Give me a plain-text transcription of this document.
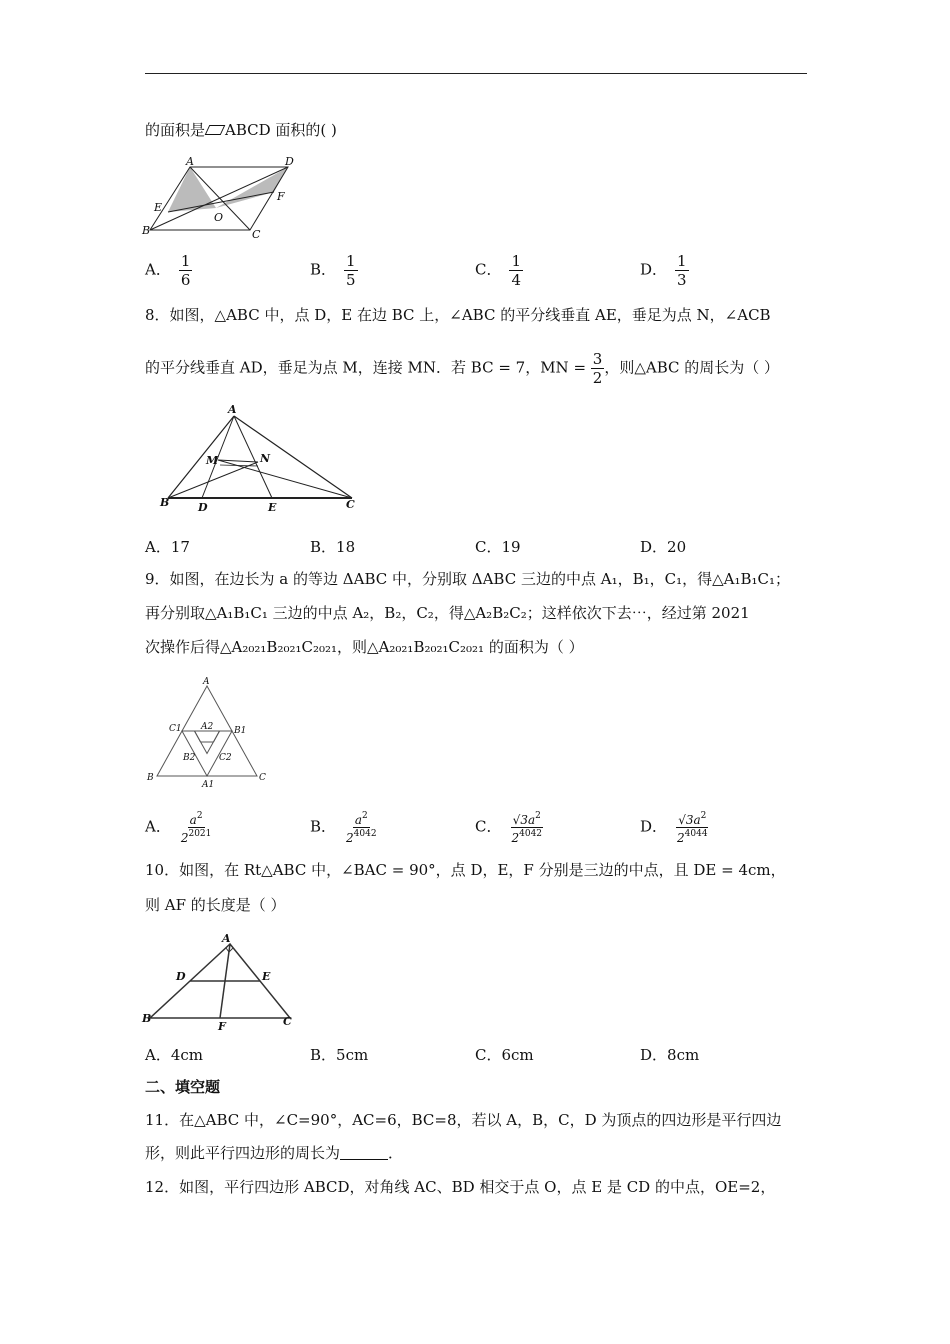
的面积是 ABCD 面积的( )
A	D
E
F
O
B	C
A． $\frac{1}{6}$	B． $\frac{1}{5}$	C． $\frac{1}{4}$	D． $\frac{1}{3}$
8．如图，△ABC 中，点 D，E 在边 BC 上，∠ABC 的平分线垂直 AE，垂足为点 N，∠ACB
的平分线垂直 AD，垂足为点 M，连接 MN．若 BC = 7，MN = $\frac{3}{2}$ ，则△ABC 的周长为（ ）
A
M	N
B	D	E	C
A．17	B．18	C．19	D．20
9．如图，在边长为 a 的等边 ΔABC 中，分别取 ΔABC 三边的中点 A₁，B₁，C₁，得△A₁B₁C₁；
再分别取△A₁B₁C₁ 三边的中点 A₂，B₂，C₂，得△A₂B₂C₂；这样依次下去⋯，经过第 2021
次操作后得△A₂₀₂₁B₂₀₂₁C₂₀₂₁，则△A₂₀₂₁B₂₀₂₁C₂₀₂₁ 的面积为（ ）
A
C1 A2 B1
B2	C2
B
A1
C
A． $\frac{a^2}{2^{2021}}$	B． $\frac{a^2}{2^{4042}}$	C． $\frac{√3a^2}{2^{4042}}$	D． $\frac{√3a^2}{2^{4044}}$
10．如图，在 Rt△ABC 中，∠BAC = 90°，点 D，E，F 分别是三边的中点，且 DE = 4cm，
则 AF 的长度是（ ）
A
D	E
B
F	C
A．4cm	B．5cm	C．6cm	D．8cm
二、填空题
11．在△ABC 中，∠C=90°，AC=6，BC=8，若以 A，B，C，D 为顶点的四边形是平行四边
形，则此平行四边形的周长为	．
12．如图，平行四边形 ABCD，对角线 AC、BD 相交于点 O，点 E 是 CD 的中点，OE=2，
